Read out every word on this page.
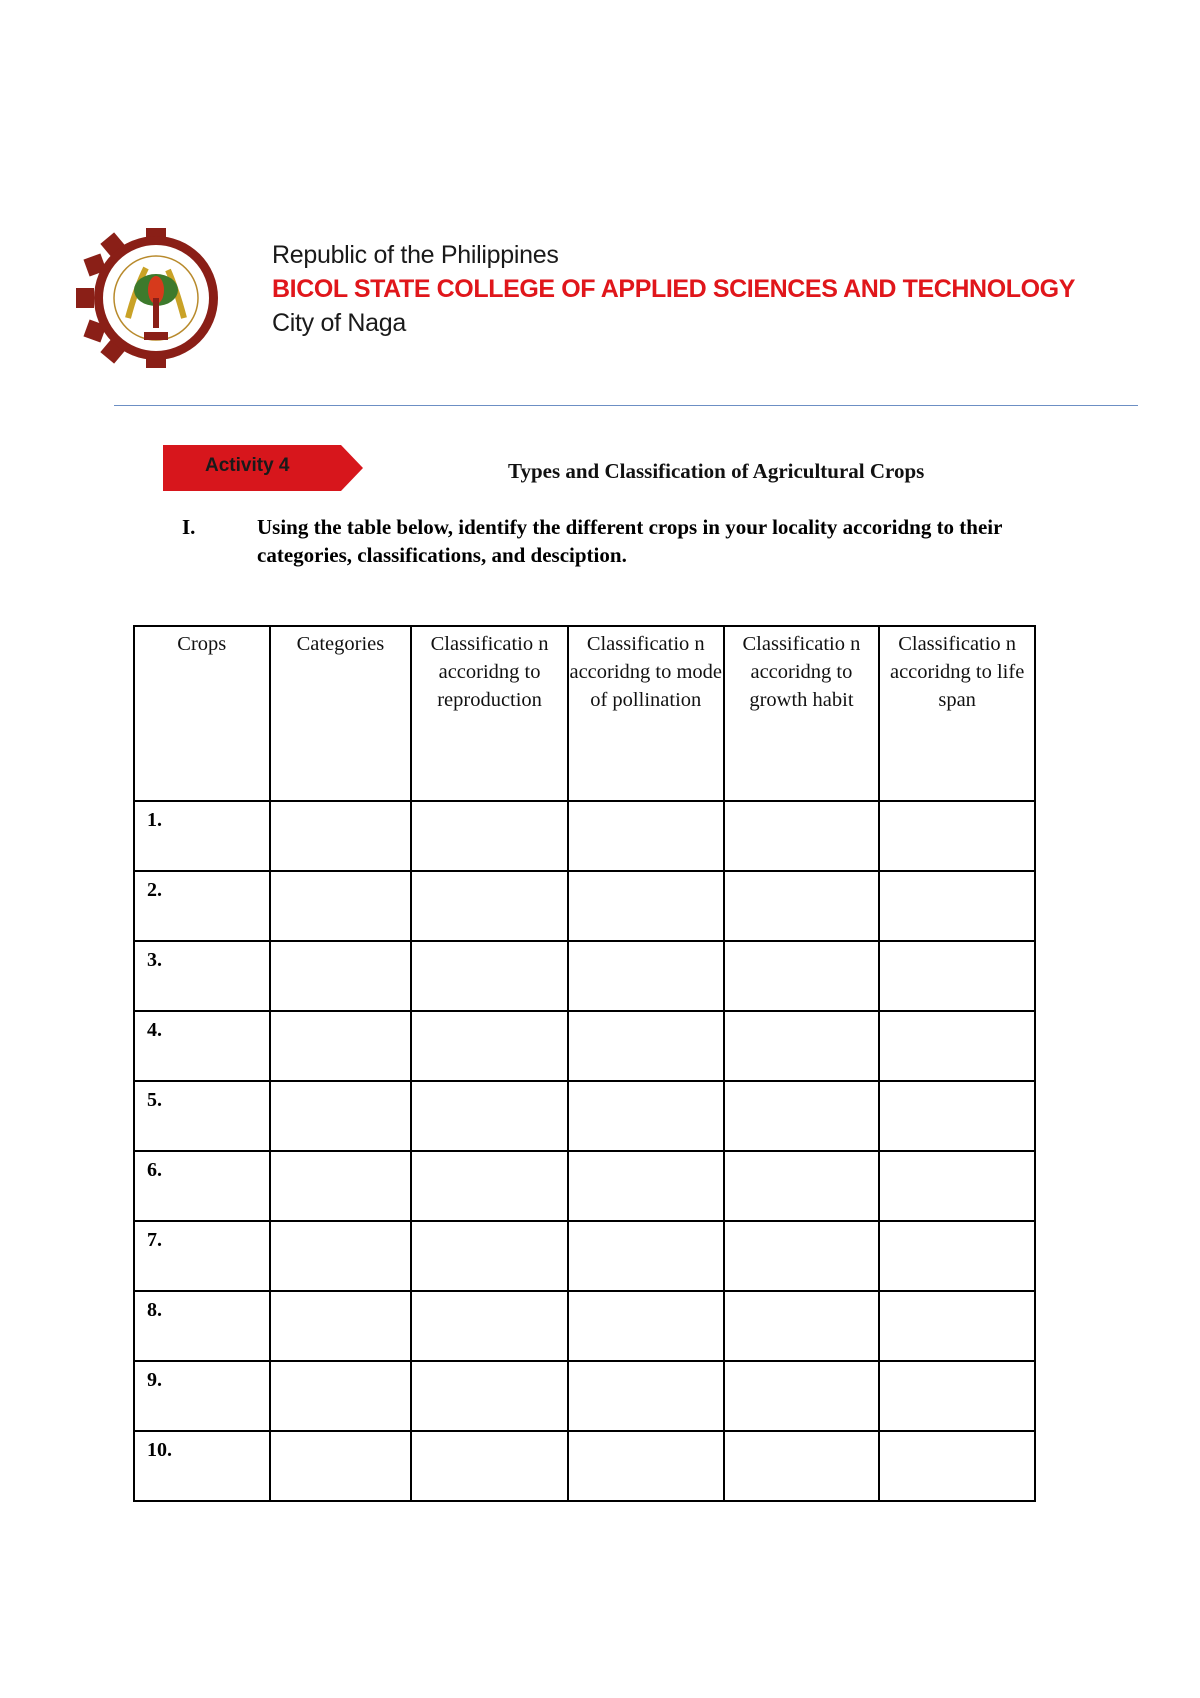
Republic of the Philippines
BICOL STATE COLLEGE OF APPLIED SCIENCES AND TECHNOLOGY
City of Naga
Activity 4	Types and Classification of Agricultural Crops
I.	Using the table below, identify the different crops in your locality accoridng to their categories, classifications, and desciption.
Crops	Categories	Classificatio n accoridng to reproduction	Classificatio n accoridng to mode of pollination	Classificatio n accoridng to growth habit	Classificatio n accoridng to life span
1.					
2.					
3.					
4.					
5.					
6.					
7.					
8.					
9.					
10.					
